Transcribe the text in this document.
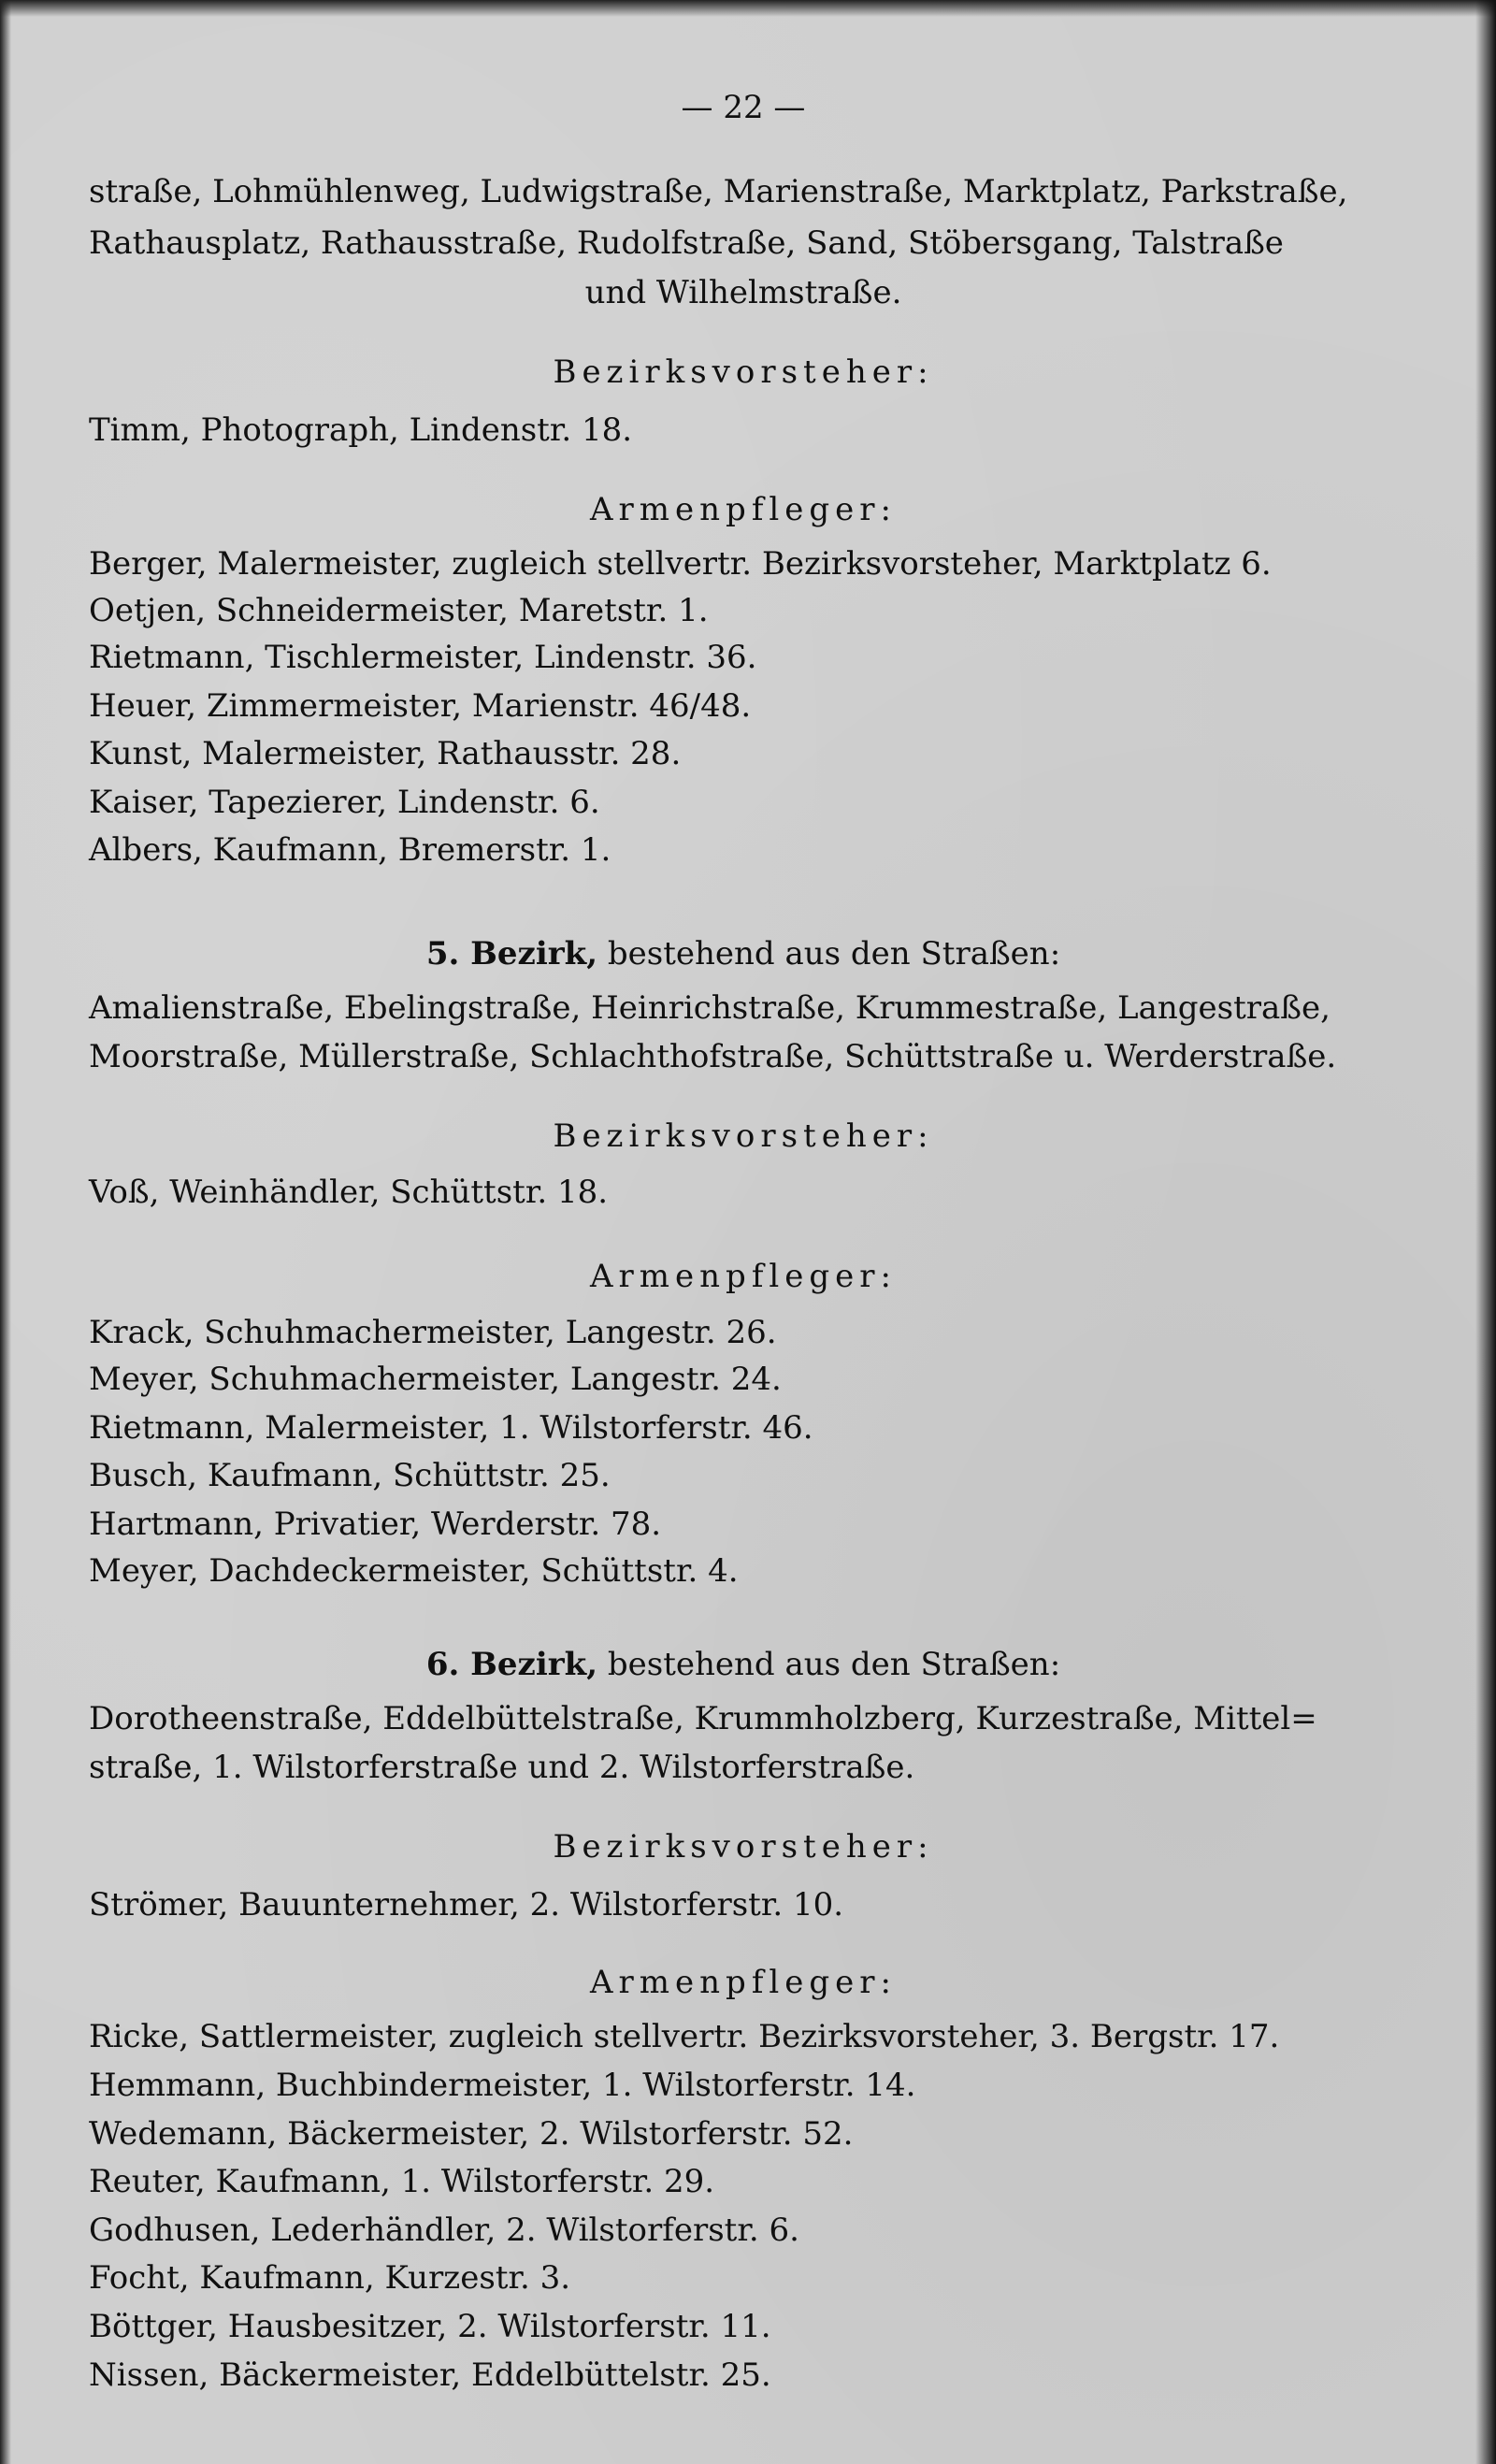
— 22 —
straße, Lohmühlenweg, Ludwigstraße, Marienstraße, Marktplatz, Parkstraße,
Rathausplatz, Rathausstraße, Rudolfstraße, Sand, Stöbersgang, Talstraße
und Wilhelmstraße.
Bezirksvorsteher:
Timm, Photograph, Lindenstr. 18.
Armenpfleger:
Berger, Malermeister, zugleich stellvertr. Bezirksvorsteher, Marktplatz 6.
Oetjen, Schneidermeister, Maretstr. 1.
Rietmann, Tischlermeister, Lindenstr. 36.
Heuer, Zimmermeister, Marienstr. 46/48.
Kunst, Malermeister, Rathausstr. 28.
Kaiser, Tapezierer, Lindenstr. 6.
Albers, Kaufmann, Bremerstr. 1.
5. Bezirk, bestehend aus den Straßen:
Amalienstraße, Ebelingstraße, Heinrichstraße, Krummestraße, Langestraße,
Moorstraße, Müllerstraße, Schlachthofstraße, Schüttstraße u. Werderstraße.
Bezirksvorsteher:
Voß, Weinhändler, Schüttstr. 18.
Armenpfleger:
Krack, Schuhmachermeister, Langestr. 26.
Meyer, Schuhmachermeister, Langestr. 24.
Rietmann, Malermeister, 1. Wilstorferstr. 46.
Busch, Kaufmann, Schüttstr. 25.
Hartmann, Privatier, Werderstr. 78.
Meyer, Dachdeckermeister, Schüttstr. 4.
6. Bezirk, bestehend aus den Straßen:
Dorotheenstraße, Eddelbüttelstraße, Krummholzberg, Kurzestraße, Mittel=
straße, 1. Wilstorferstraße und 2. Wilstorferstraße.
Bezirksvorsteher:
Strömer, Bauunternehmer, 2. Wilstorferstr. 10.
Armenpfleger:
Ricke, Sattlermeister, zugleich stellvertr. Bezirksvorsteher, 3. Bergstr. 17.
Hemmann, Buchbindermeister, 1. Wilstorferstr. 14.
Wedemann, Bäckermeister, 2. Wilstorferstr. 52.
Reuter, Kaufmann, 1. Wilstorferstr. 29.
Godhusen, Lederhändler, 2. Wilstorferstr. 6.
Focht, Kaufmann, Kurzestr. 3.
Böttger, Hausbesitzer, 2. Wilstorferstr. 11.
Nissen, Bäckermeister, Eddelbüttelstr. 25.
